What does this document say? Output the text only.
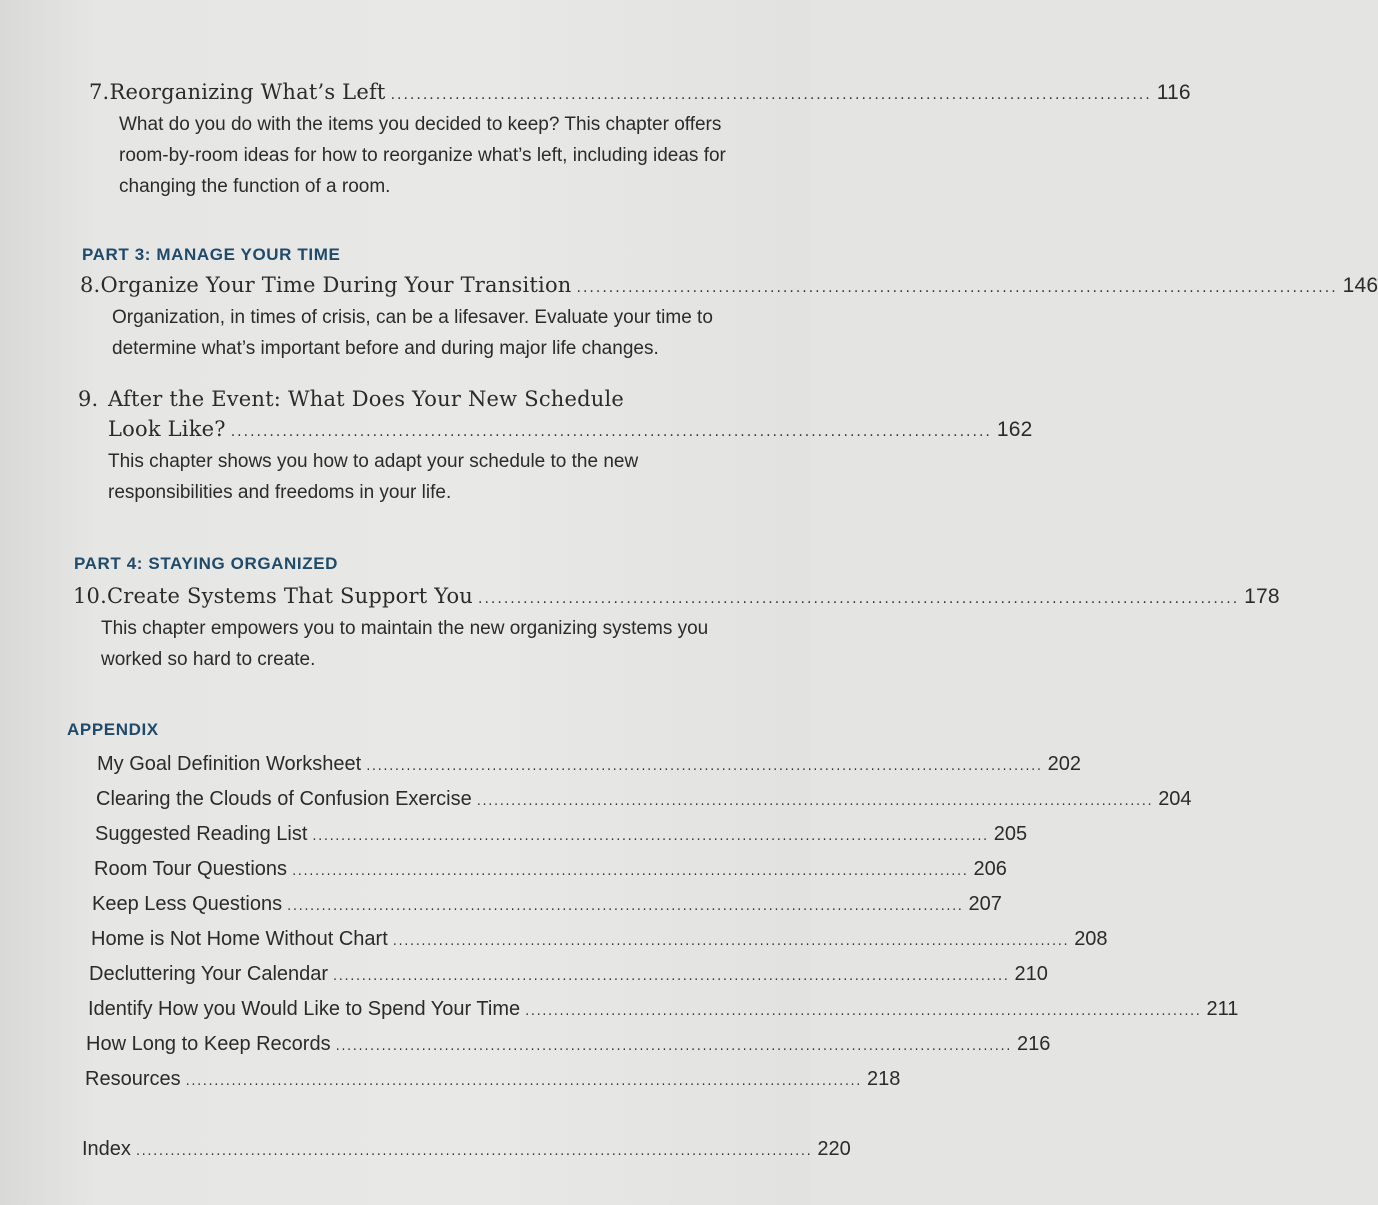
7. Reorganizing What’s Left ...................................................................................................................... 116
What do you do with the items you decided to keep? This chapter offers room-by-room ideas for how to reorganize what’s left, including ideas for changing the function of a room.
PART 3: MANAGE YOUR TIME
8. Organize Your Time During Your Transition ...................................................................................................................... 146
Organization, in times of crisis, can be a lifesaver. Evaluate your time to determine what’s important before and during major life changes.
9. After the Event: What Does Your New Schedule
Look Like? ...................................................................................................................... 162
This chapter shows you how to adapt your schedule to the new responsibilities and freedoms in your life.
PART 4: STAYING ORGANIZED
10. Create Systems That Support You ...................................................................................................................... 178
This chapter empowers you to maintain the new organizing systems you worked so hard to create.
APPENDIX
My Goal Definition Worksheet ...................................................................................................................... 202
Clearing the Clouds of Confusion Exercise ...................................................................................................................... 204
Suggested Reading List ...................................................................................................................... 205
Room Tour Questions ...................................................................................................................... 206
Keep Less Questions ...................................................................................................................... 207
Home is Not Home Without Chart ...................................................................................................................... 208
Decluttering Your Calendar ...................................................................................................................... 210
Identify How you Would Like to Spend Your Time ...................................................................................................................... 211
How Long to Keep Records ...................................................................................................................... 216
Resources ...................................................................................................................... 218
Index ...................................................................................................................... 220
